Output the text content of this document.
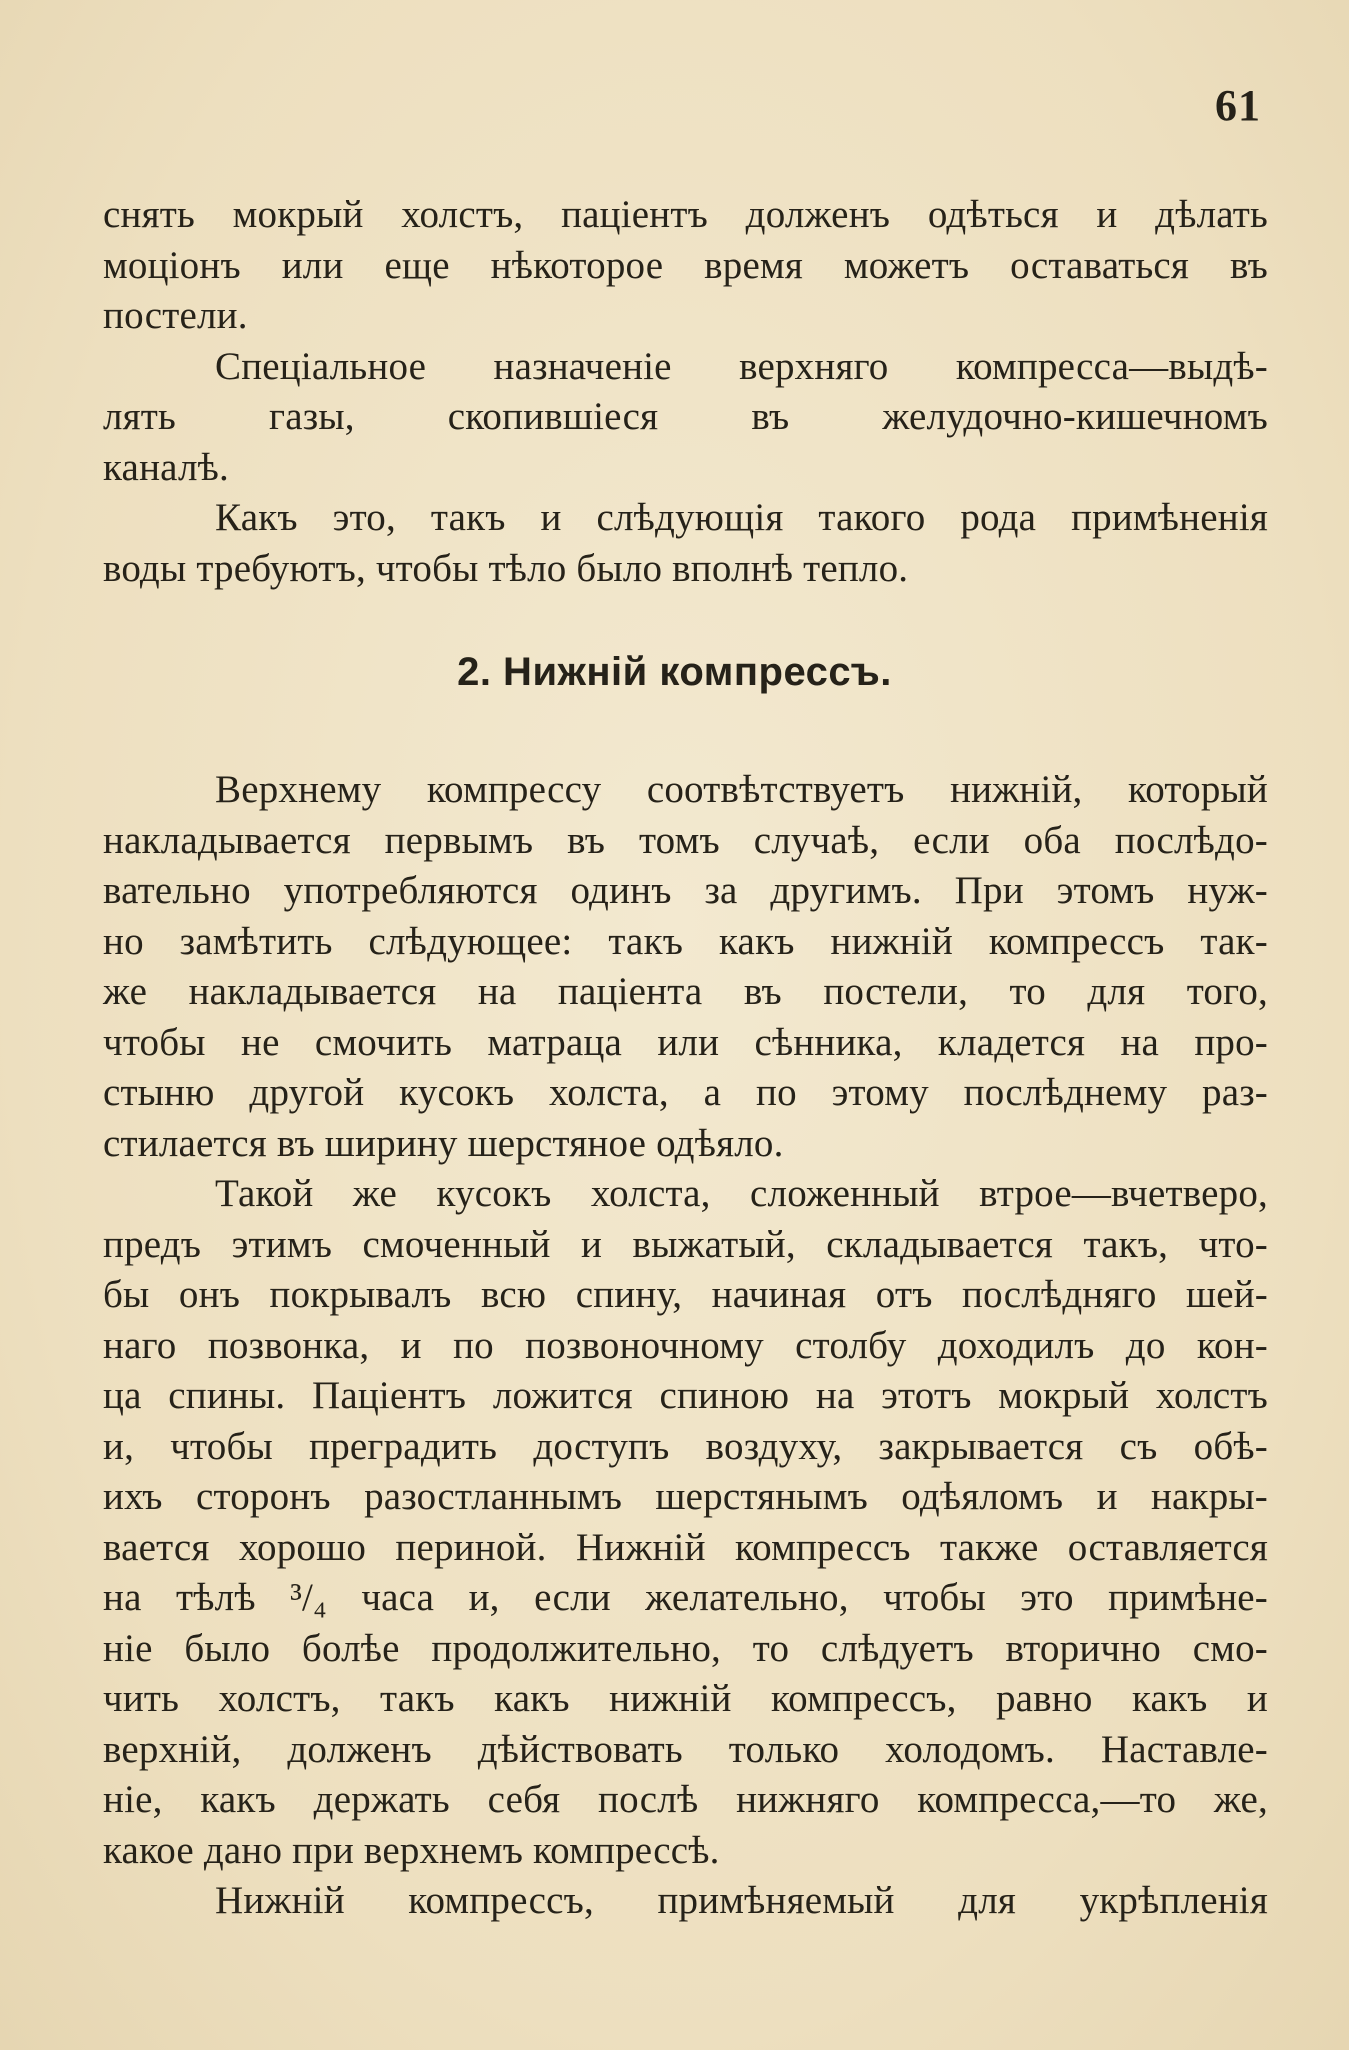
61
снять мокрый холстъ, паціентъ долженъ одѣться и дѣлать
моціонъ или еще нѣкоторое время можетъ оставаться въ
постели.
Спеціальное назначеніе верхняго компресса—выдѣ-
лять газы, скопившіеся въ желудочно-кишечномъ
каналѣ.
Какъ это, такъ и слѣдующія такого рода примѣненія
воды требуютъ, чтобы тѣло было вполнѣ тепло.
2. Нижній компрессъ.
Верхнему компрессу соотвѣтствуетъ нижній, который
накладывается первымъ въ томъ случаѣ, если оба послѣдо-
вательно употребляются одинъ за другимъ. При этомъ нуж-
но замѣтить слѣдующее: такъ какъ нижній компрессъ так-
же накладывается на паціента въ постели, то для того,
чтобы не смочить матраца или сѣнника, кладется на про-
стыню другой кусокъ холста, а по этому послѣднему раз-
стилается въ ширину шерстяное одѣяло.
Такой же кусокъ холста, сложенный втрое—вчетверо,
предъ этимъ смоченный и выжатый, складывается такъ, что-
бы онъ покрывалъ всю спину, начиная отъ послѣдняго шей-
наго позвонка, и по позвоночному столбу доходилъ до кон-
ца спины. Паціентъ ложится спиною на этотъ мокрый холстъ
и, чтобы преградить доступъ воздуху, закрывается съ обѣ-
ихъ сторонъ разостланнымъ шерстянымъ одѣяломъ и накры-
вается хорошо периной. Нижній компрессъ также оставляется
на тѣлѣ ³/₄ часа и, если желательно, чтобы это примѣне-
ніе было болѣе продолжительно, то слѣдуетъ вторично смо-
чить холстъ, такъ какъ нижній компрессъ, равно какъ и
верхній, долженъ дѣйствовать только холодомъ. Наставле-
ніе, какъ держать себя послѣ нижняго компресса,—то же,
какое дано при верхнемъ компрессѣ.
Нижній компрессъ, примѣняемый для укрѣпленія
